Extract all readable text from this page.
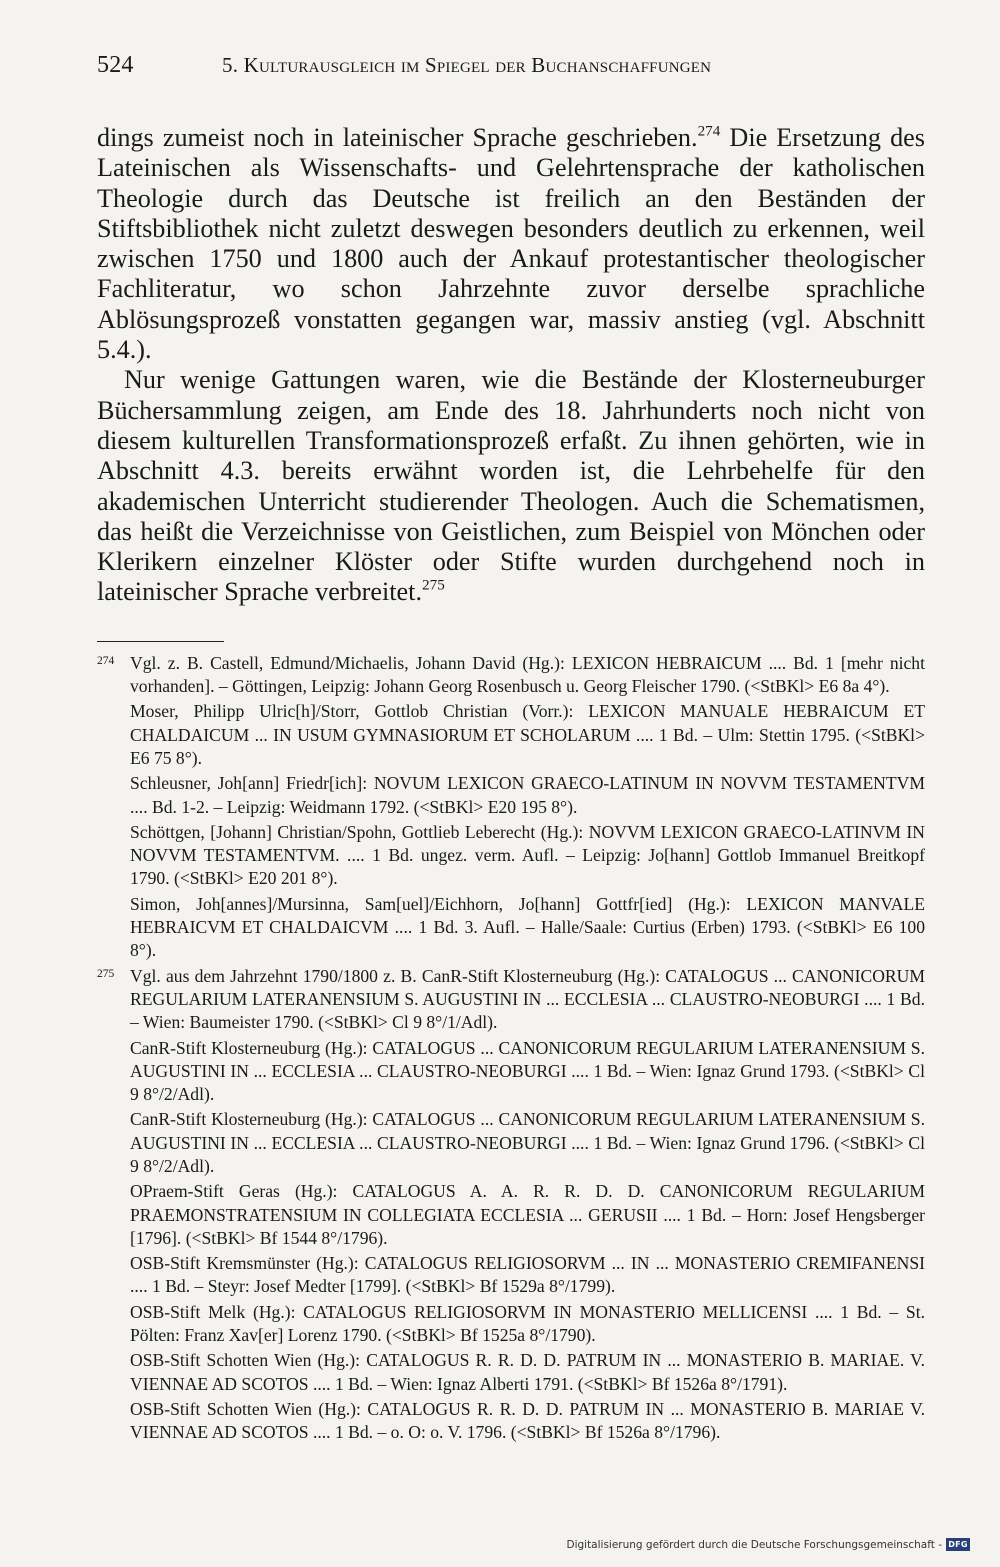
524	5. Kulturausgleich im Spiegel der Buchanschaffungen

dings zumeist noch in lateinischer Sprache geschrieben.$^{274}$ Die Ersetzung des Lateinischen als Wissenschafts- und Gelehrtensprache der katholischen Theologie durch das Deutsche ist freilich an den Beständen der Stiftsbibliothek nicht zuletzt deswegen besonders deutlich zu erkennen, weil zwischen 1750 und 1800 auch der Ankauf protestantischer theologischer Fachliteratur, wo schon Jahrzehnte zuvor derselbe sprachliche Ablösungsprozeß vonstatten gegangen war, massiv anstieg (vgl. Abschnitt 5.4.).

Nur wenige Gattungen waren, wie die Bestände der Klosterneuburger Büchersammlung zeigen, am Ende des 18. Jahrhunderts noch nicht von diesem kulturellen Transformationsprozeß erfaßt. Zu ihnen gehörten, wie in Abschnitt 4.3. bereits erwähnt worden ist, die Lehrbehelfe für den akademischen Unterricht studierender Theologen. Auch die Schematismen, das heißt die Verzeichnisse von Geistlichen, zum Beispiel von Mönchen oder Klerikern einzelner Klöster oder Stifte wurden durchgehend noch in lateinischer Sprache verbreitet.$^{275}$

274 Vgl. z. B. Castell, Edmund/Michaelis, Johann David (Hg.): LEXICON HEBRAICUM .... Bd. 1 [mehr nicht vorhanden]. – Göttingen, Leipzig: Johann Georg Rosenbusch u. Georg Fleischer 1790. (<StBKl> E6 8a 4°).

Moser, Philipp Ulric[h]/Storr, Gottlob Christian (Vorr.): LEXICON MANUALE HEBRAICUM ET CHALDAICUM ... IN USUM GYMNASIORUM ET SCHOLARUM .... 1 Bd. – Ulm: Stettin 1795. (<StBKl> E6 75 8°).

Schleusner, Joh[ann] Friedr[ich]: NOVUM LEXICON GRAECO-LATINUM IN NOVVM TESTAMENTVM .... Bd. 1-2. – Leipzig: Weidmann 1792. (<StBKl> E20 195 8°).

Schöttgen, [Johann] Christian/Spohn, Gottlieb Leberecht (Hg.): NOVVM LEXICON GRAECO-LATINVM IN NOVVM TESTAMENTVM. .... 1 Bd. ungez. verm. Aufl. – Leipzig: Jo[hann] Gottlob Immanuel Breitkopf 1790. (<StBKl> E20 201 8°).

Simon, Joh[annes]/Mursinna, Sam[uel]/Eichhorn, Jo[hann] Gottfr[ied] (Hg.): LEXICON MANVALE HEBRAICVM ET CHALDAICVM .... 1 Bd. 3. Aufl. – Halle/Saale: Curtius (Erben) 1793. (<StBKl> E6 100 8°).

275 Vgl. aus dem Jahrzehnt 1790/1800 z. B. CanR-Stift Klosterneuburg (Hg.): CATALOGUS ... CANONICORUM REGULARIUM LATERANENSIUM S. AUGUSTINI IN ... ECCLESIA ... CLAUSTRO-NEOBURGI .... 1 Bd. – Wien: Baumeister 1790. (<StBKl> Cl 9 8°/1/Adl).

CanR-Stift Klosterneuburg (Hg.): CATALOGUS ... CANONICORUM REGULARIUM LATERANENSIUM S. AUGUSTINI IN ... ECCLESIA ... CLAUSTRO-NEOBURGI .... 1 Bd. – Wien: Ignaz Grund 1793. (<StBKl> Cl 9 8°/2/Adl).

CanR-Stift Klosterneuburg (Hg.): CATALOGUS ... CANONICORUM REGULARIUM LATERANENSIUM S. AUGUSTINI IN ... ECCLESIA ... CLAUSTRO-NEOBURGI .... 1 Bd. – Wien: Ignaz Grund 1796. (<StBKl> Cl 9 8°/2/Adl).

OPraem-Stift Geras (Hg.): CATALOGUS A. A. R. R. D. D. CANONICORUM REGULARIUM PRAEMONSTRATENSIUM IN COLLEGIATA ECCLESIA ... GERUSII .... 1 Bd. – Horn: Josef Hengsberger [1796]. (<StBKl> Bf 1544 8°/1796).

OSB-Stift Kremsmünster (Hg.): CATALOGUS RELIGIOSORVM ... IN ... MONASTERIO CREMIFANENSI .... 1 Bd. – Steyr: Josef Medter [1799]. (<StBKl> Bf 1529a 8°/1799).

OSB-Stift Melk (Hg.): CATALOGUS RELIGIOSORVM IN MONASTERIO MELLICENSI .... 1 Bd. – St. Pölten: Franz Xav[er] Lorenz 1790. (<StBKl> Bf 1525a 8°/1790).

OSB-Stift Schotten Wien (Hg.): CATALOGUS R. R. D. D. PATRUM IN ... MONASTERIO B. MARIAE. V. VIENNAE AD SCOTOS .... 1 Bd. – Wien: Ignaz Alberti 1791. (<StBKl> Bf 1526a 8°/1791).

OSB-Stift Schotten Wien (Hg.): CATALOGUS R. R. D. D. PATRUM IN ... MONASTERIO B. MARIAE V. VIENNAE AD SCOTOS .... 1 Bd. – o. O: o. V. 1796. (<StBKl> Bf 1526a 8°/1796).

Digitalisierung gefördert durch die Deutsche Forschungsgemeinschaft - DFG
